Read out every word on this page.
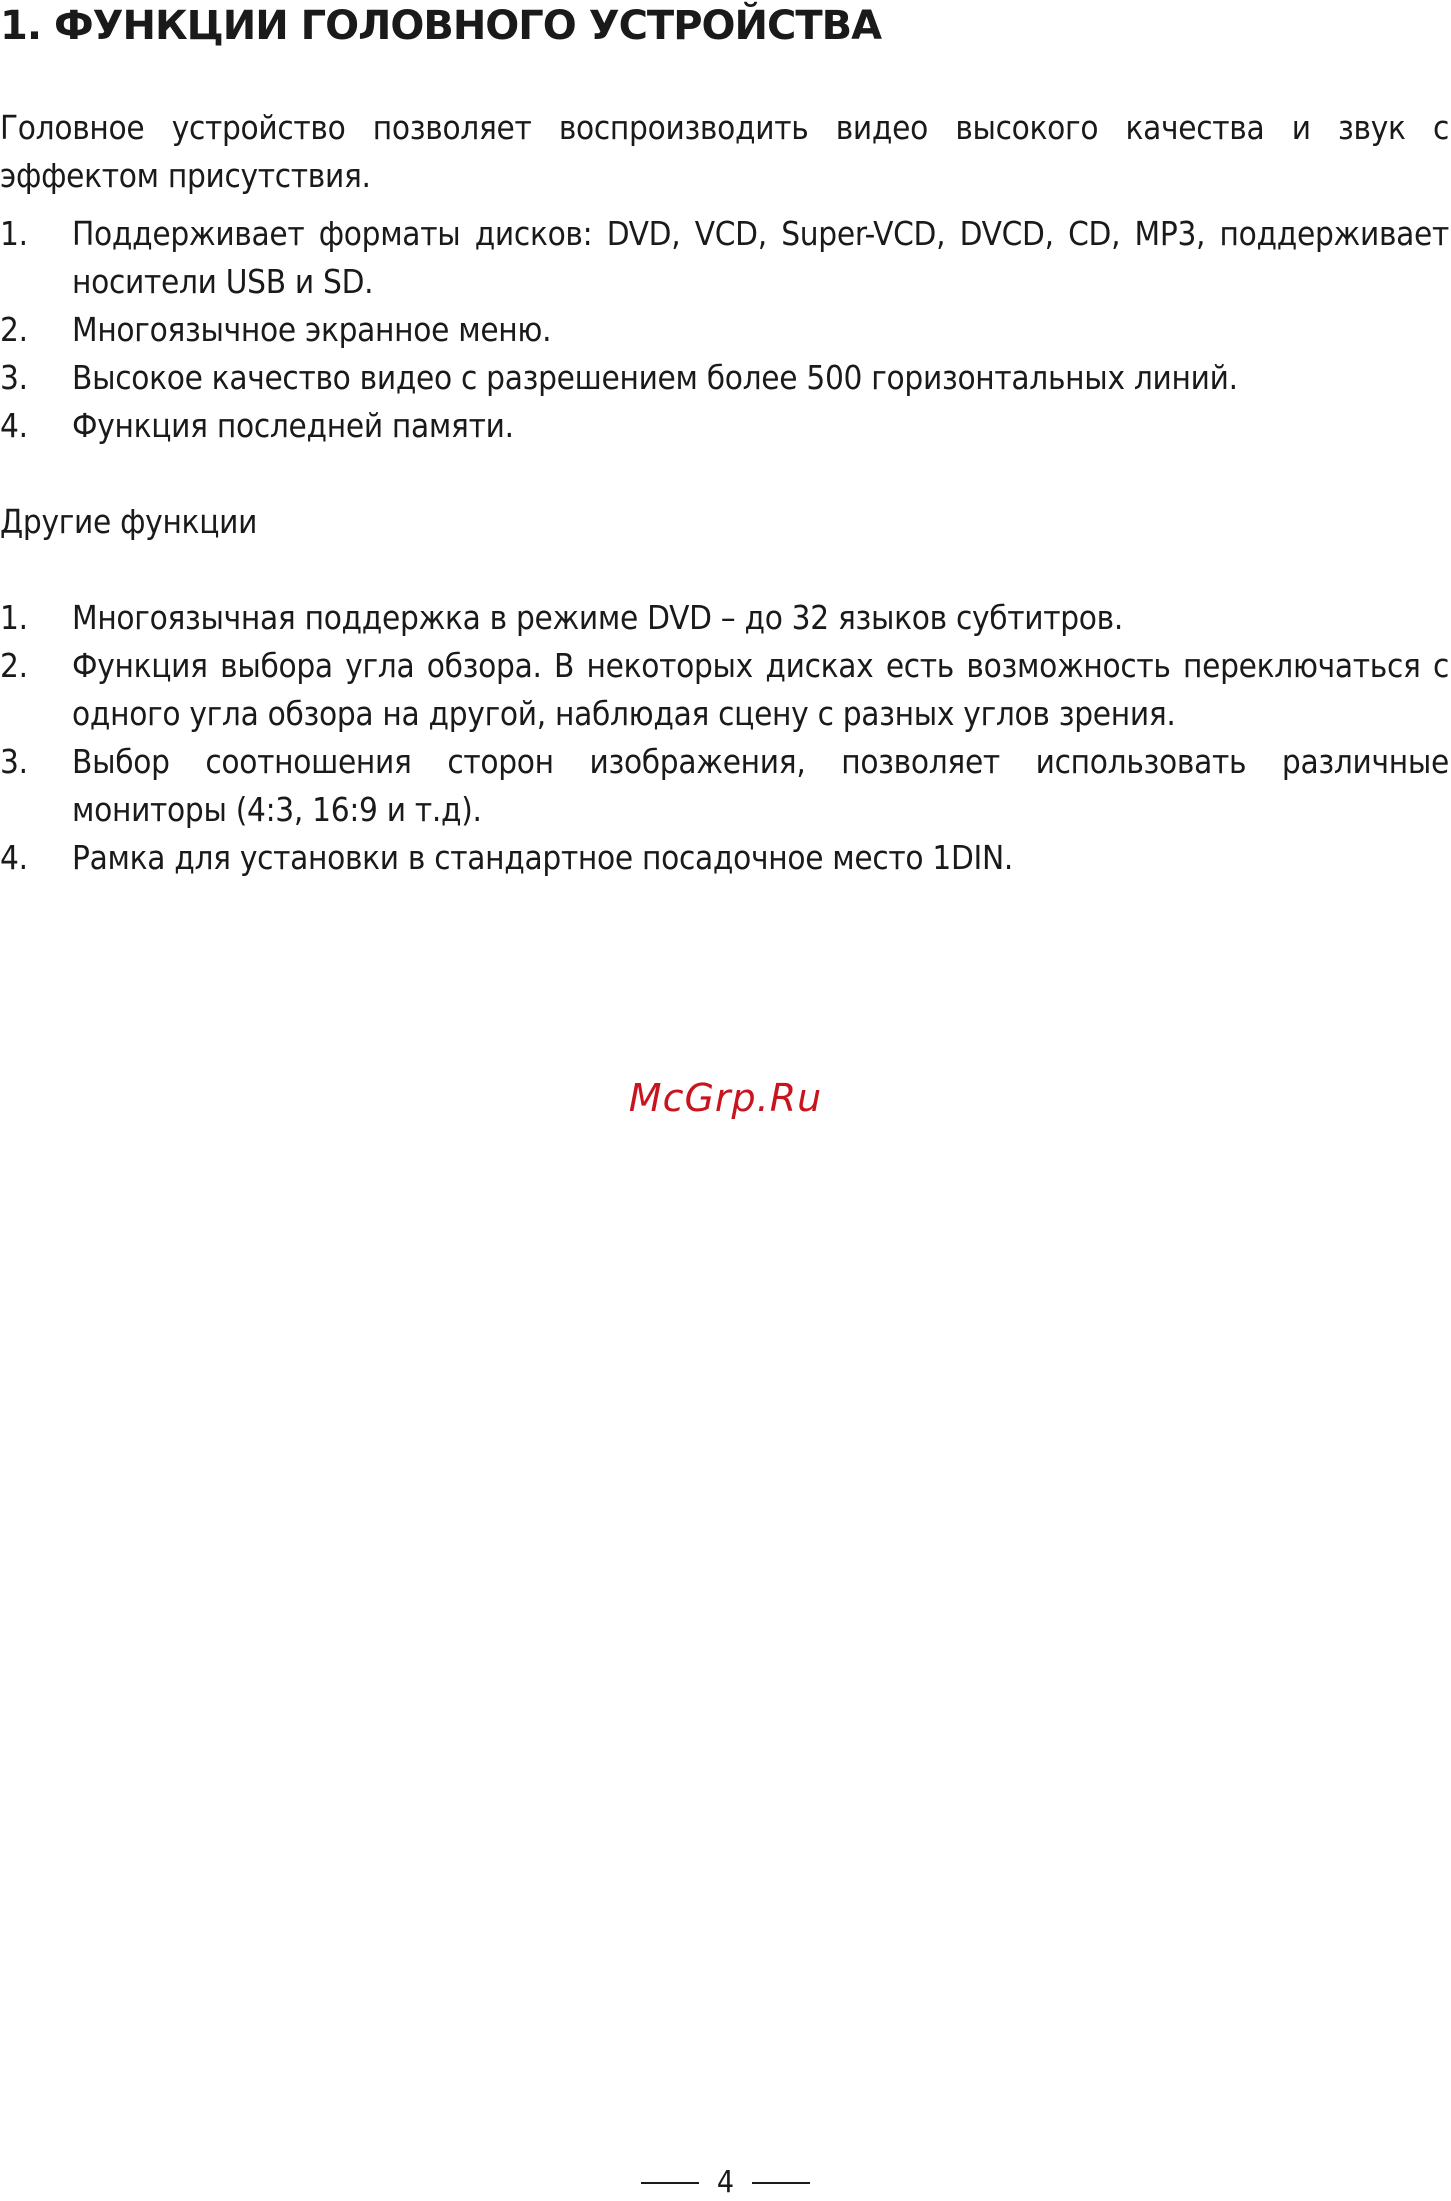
1. ФУНКЦИИ ГОЛОВНОГО УСТРОЙСТВА

Головное устройство позволяет воспроизводить видео высокого качества и звук с эффектом присутствия.

1.	Поддерживает форматы дисков: DVD, VCD, Super-VCD, DVCD, CD, MP3, поддерживает носители USB и SD.
2.	Многоязычное экранное меню.
3.	Высокое качество видео с разрешением более 500 горизонтальных линий.
4.	Функция последней памяти.

Другие функции

1.	Многоязычная поддержка в режиме DVD – до 32 языков субтитров.
2.	Функция выбора угла обзора. В некоторых дисках есть возможность переключаться с одного угла обзора на другой, наблюдая сцену с разных углов зрения.
3.	Выбор соотношения сторон изображения, позволяет использовать различные мониторы (4:3, 16:9 и т.д).
4.	Рамка для установки в стандартное посадочное место 1DIN.
McGrp.Ru
4
